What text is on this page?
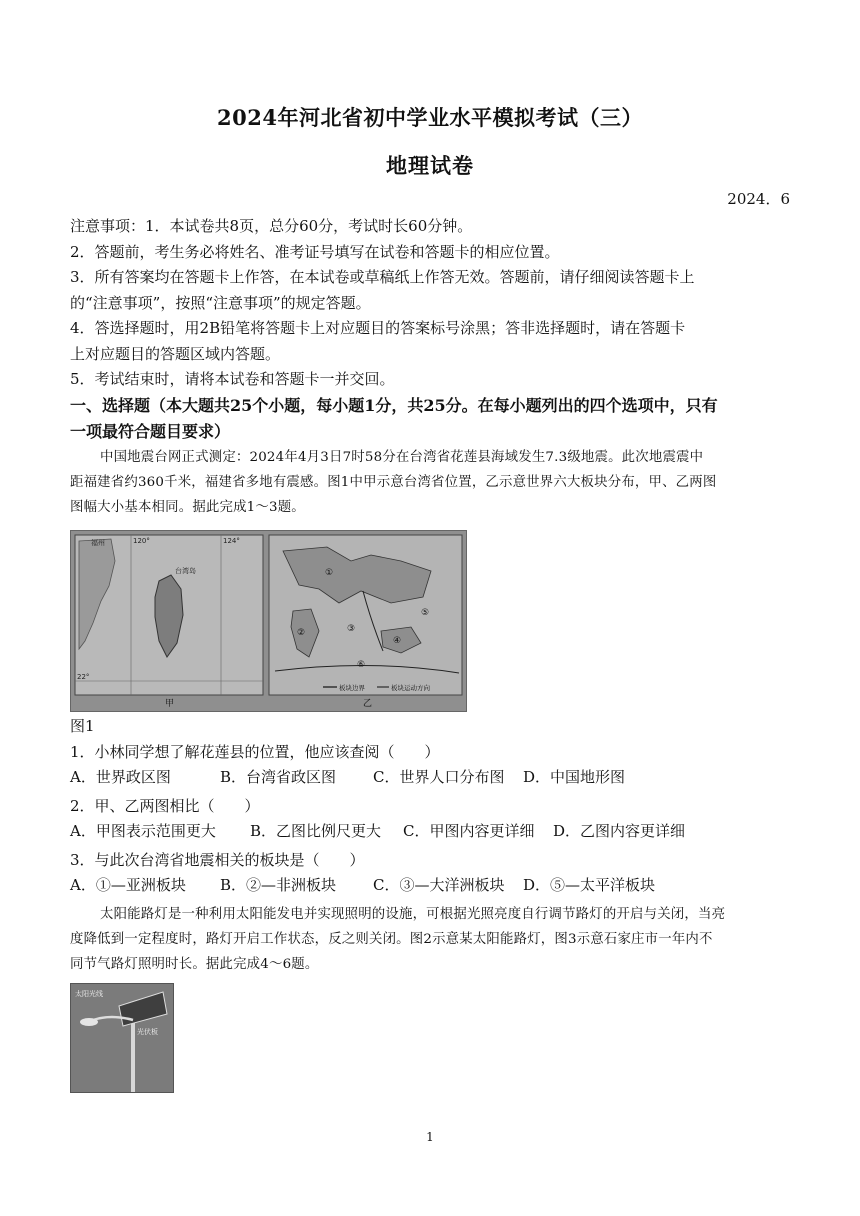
2024年河北省初中学业水平模拟考试（三）
地理试卷
2024．6

注意事项：1．本试卷共8页，总分60分，考试时长60分钟。

2．答题前，考生务必将姓名、准考证号填写在试卷和答题卡的相应位置。

3．所有答案均在答题卡上作答，在本试卷或草稿纸上作答无效。答题前，请仔细阅读答题卡上

的“注意事项”，按照“注意事项”的规定答题。

4．答选择题时，用2B铅笔将答题卡上对应题目的答案标号涂黑；答非选择题时，请在答题卡

上对应题目的答题区域内答题。

5．考试结束时，请将本试卷和答题卡一并交回。

一、选择题（本大题共25个小题，每小题1分，共25分。在每小题列出的四个选项中，只有

一项最符合题目要求）

中国地震台网正式测定：2024年4月3日7时58分在台湾省花莲县海域发生7.3级地震。此次地震震中

距福建省约360千米，福建省多地有震感。图1中甲示意台湾省位置，乙示意世界六大板块分布，甲、乙两图

图幅大小基本相同。据此完成1～3题。

福州	120°	124°
22°
台湾岛
甲
①
②	③
④
⑤
⑥
板块边界	板块运动方向
乙
图1

1．小林同学想了解花莲县的位置，他应该查阅（　　）

A．世界政区图	B．台湾省政区图	C．世界人口分布图	D．中国地形图

2．甲、乙两图相比（　　）

A．甲图表示范围更大	B．乙图比例尺更大	C．甲图内容更详细	D．乙图内容更详细

3．与此次台湾省地震相关的板块是（　　）

A．①—亚洲板块	B．②—非洲板块	C．③—大洋洲板块	D．⑤—太平洋板块

太阳能路灯是一种利用太阳能发电并实现照明的设施，可根据光照亮度自行调节路灯的开启与关闭，当亮

度降低到一定程度时，路灯开启工作状态，反之则关闭。图2示意某太阳能路灯，图3示意石家庄市一年内不

同节气路灯照明时长。据此完成4～6题。

太阳光线
光伏板
1
